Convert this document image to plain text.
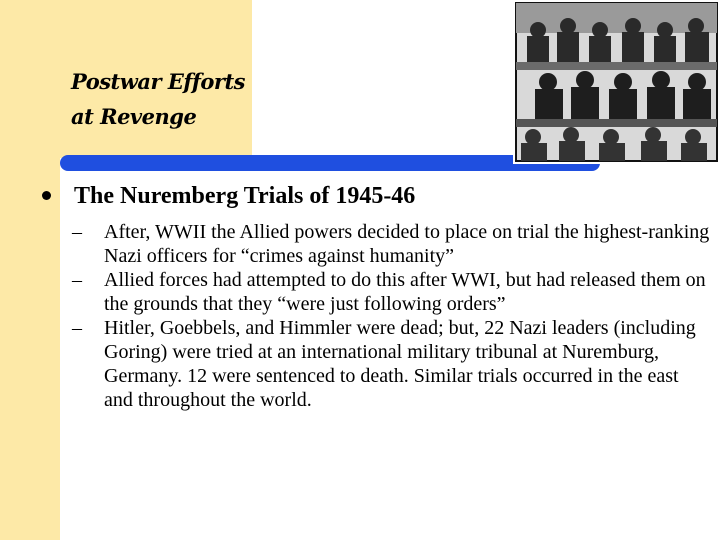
Postwar Efforts
at Revenge
The Nuremberg Trials of 1945-46
– After, WWII the Allied powers decided to place on trial the highest-ranking Nazi officers for “crimes against humanity”
– Allied forces had attempted to do this after WWI, but had released them on the grounds that they “were just following orders”
– Hitler, Goebbels, and Himmler were dead; but, 22 Nazi leaders (including Goring) were tried at an international military tribunal at Nuremburg, Germany. 12 were sentenced to death. Similar trials occurred in the east and throughout the world.
